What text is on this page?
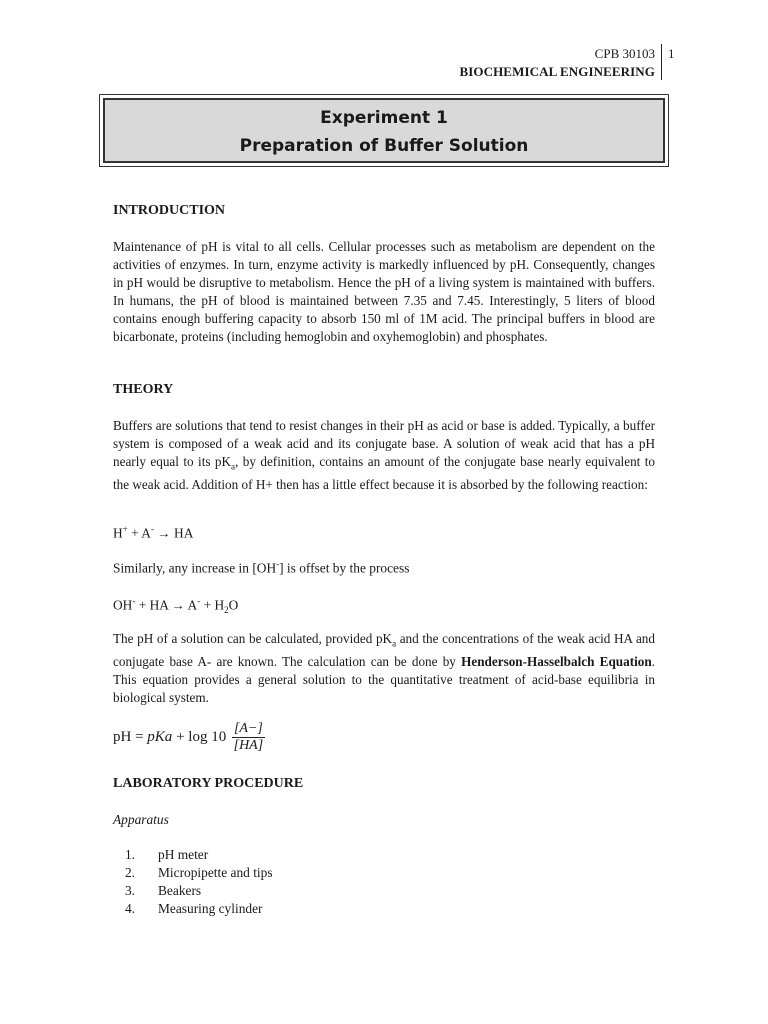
CPB 30103
BIOCHEMICAL ENGINEERING
1
Experiment 1
Preparation of Buffer Solution
INTRODUCTION
Maintenance of pH is vital to all cells. Cellular processes such as metabolism are dependent on the activities of enzymes. In turn, enzyme activity is markedly influenced by pH. Consequently, changes in pH would be disruptive to metabolism. Hence the pH of a living system is maintained with buffers. In humans, the pH of blood is maintained between 7.35 and 7.45. Interestingly, 5 liters of blood contains enough buffering capacity to absorb 150 ml of 1M acid. The principal buffers in blood are bicarbonate, proteins (including hemoglobin and oxyhemoglobin) and phosphates.
THEORY
Buffers are solutions that tend to resist changes in their pH as acid or base is added. Typically, a buffer system is composed of a weak acid and its conjugate base. A solution of weak acid that has a pH nearly equal to its $pK_a$, by definition, contains an amount of the conjugate base nearly equivalent to the weak acid. Addition of H+ then has a little effect because it is absorbed by the following reaction:
H+ + A- → HA
Similarly, any increase in [OH-] is offset by the process
OH- + HA → $A^- + H_2O$
The pH of a solution can be calculated, provided $pK_a$ and the concentrations of the weak acid HA and conjugate base A- are known. The calculation can be done by Henderson-Hasselbalch Equation. This equation provides a general solution to the quantitative treatment of acid-base equilibria in biological system.
pH = pKa + $\log 10 \frac{[A-]}{[HA]}$
LABORATORY PROCEDURE
Apparatus
1. pH meter
2. Micropipette and tips
3. Beakers
4. Measuring cylinder
